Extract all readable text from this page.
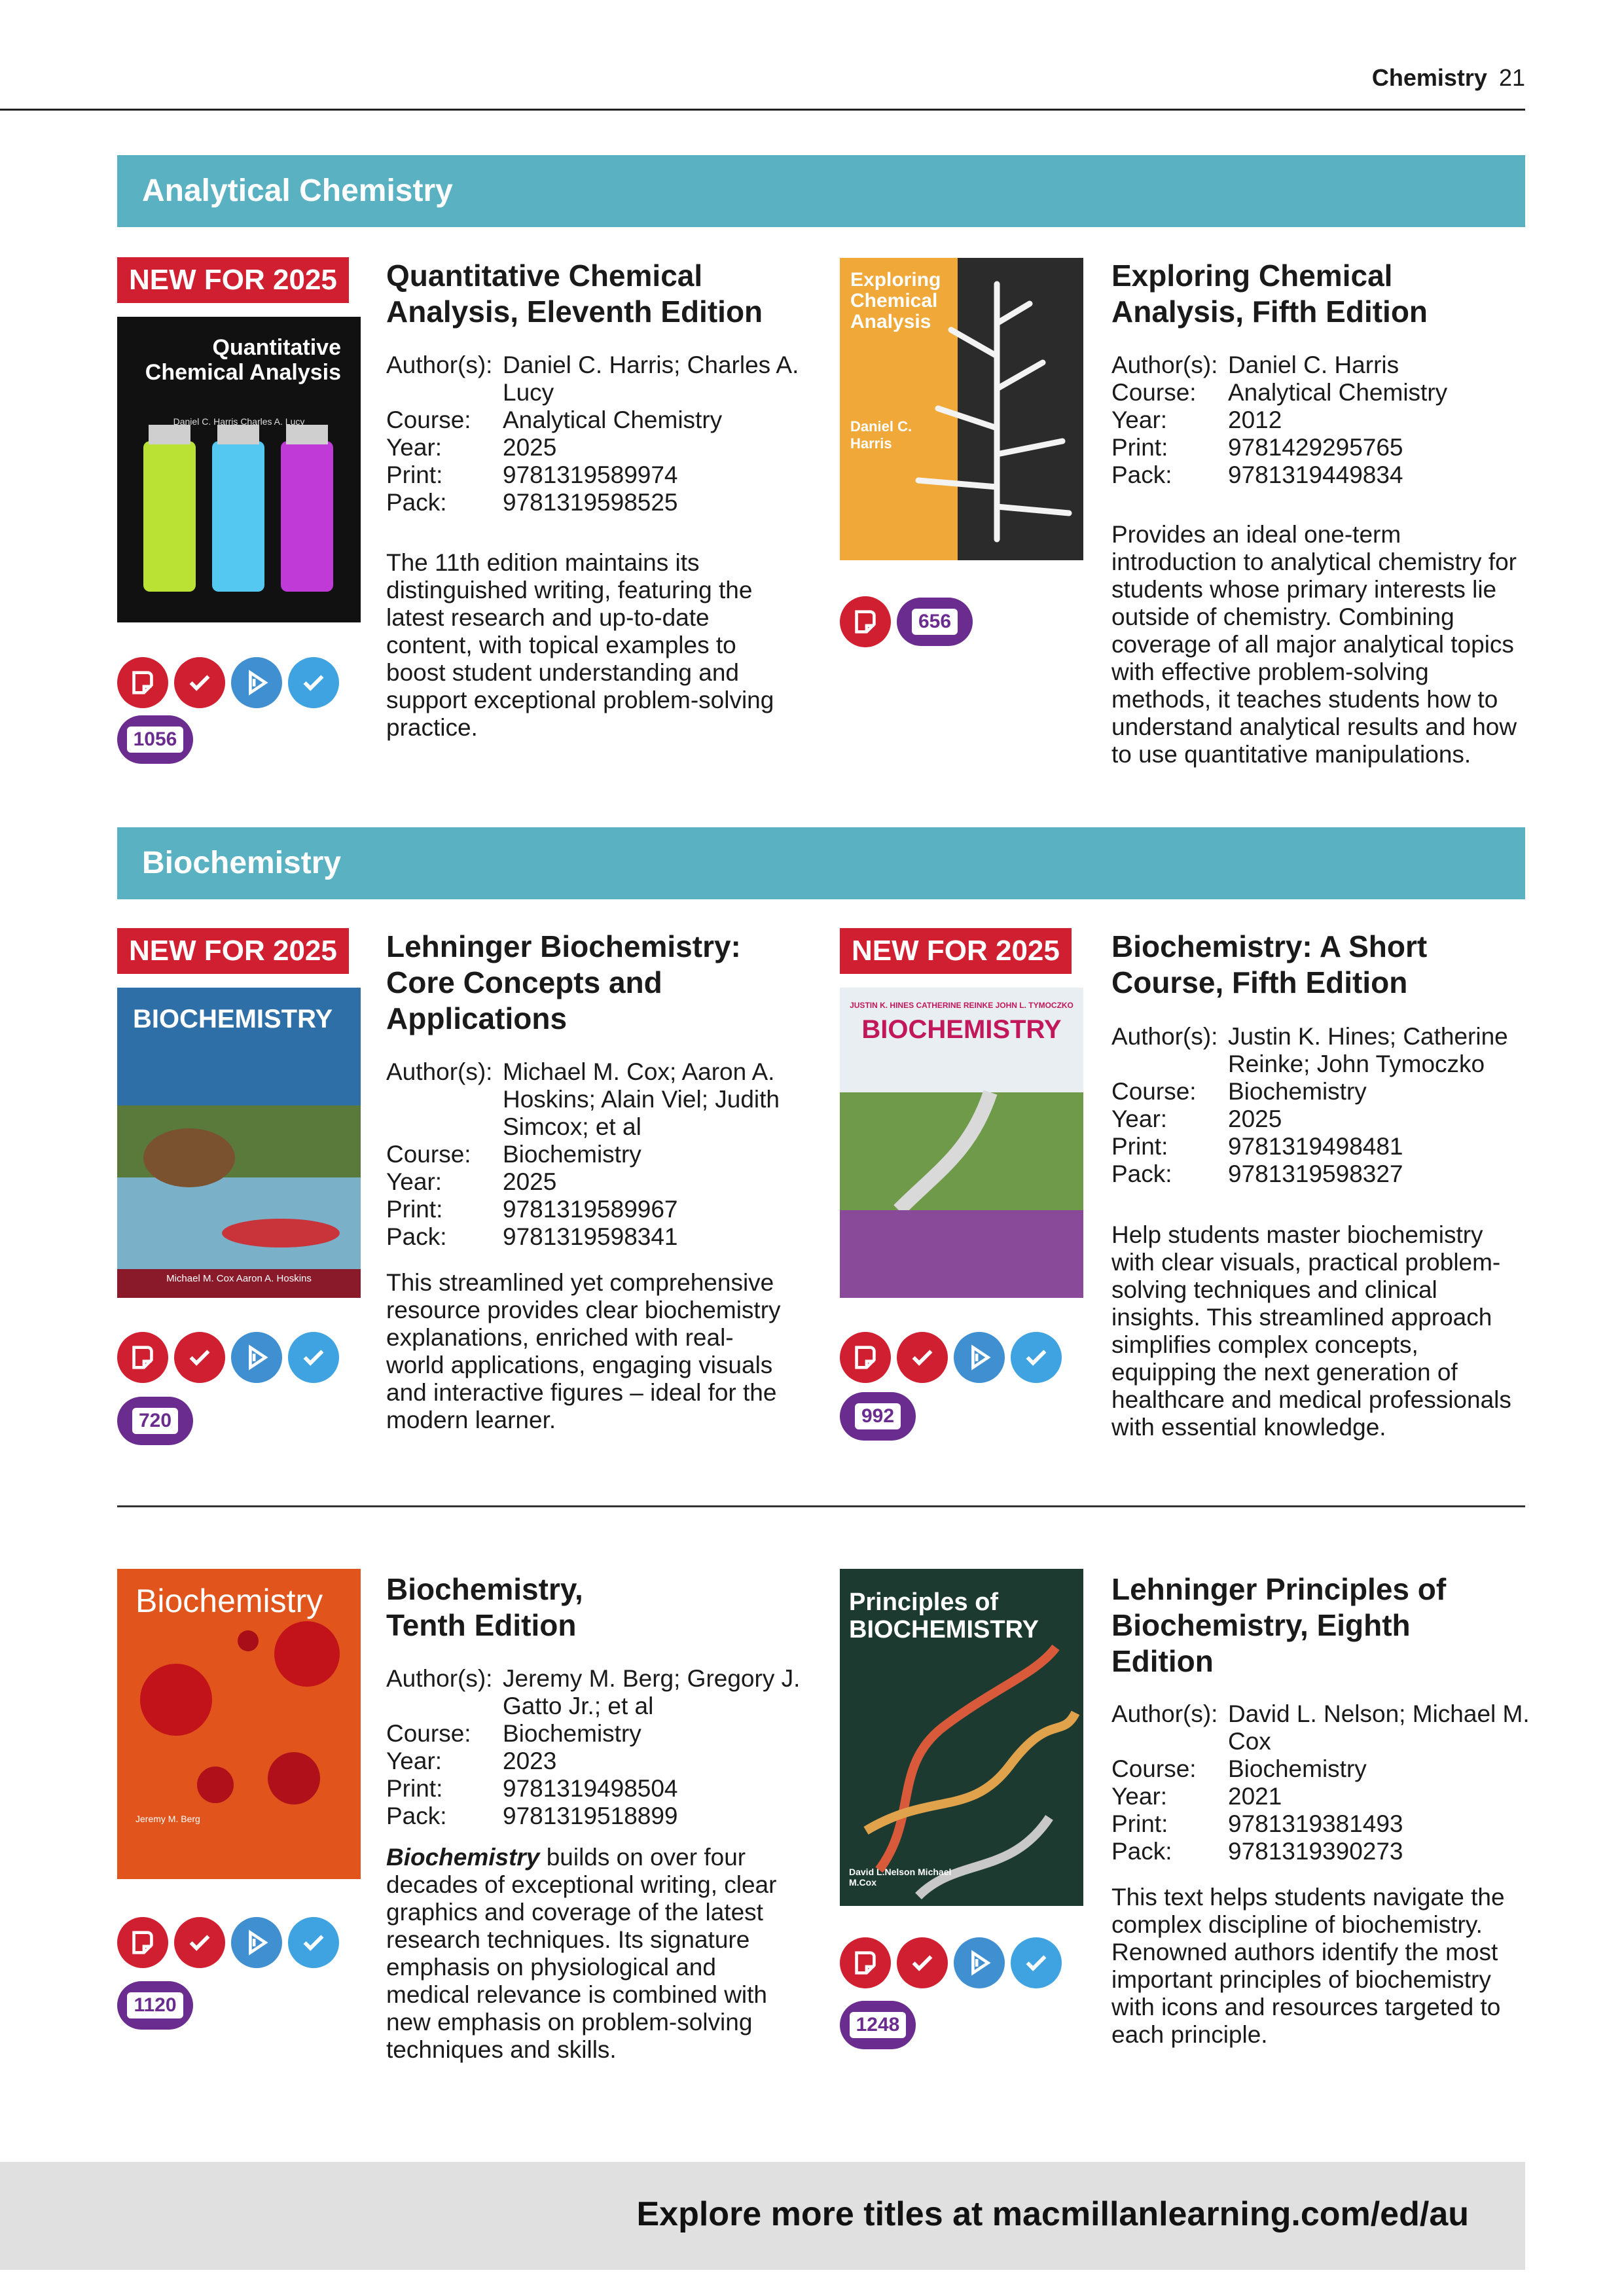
Chemistry 21
Analytical Chemistry
NEW FOR 2025
Quantitative Chemical Analysis
Daniel C. Harris Charles A. Lucy
1056
Quantitative Chemical Analysis, Eleventh Edition
Author(s): Daniel C. Harris; Charles A. Lucy
Course:	Analytical Chemistry
Year:	2025
Print:	9781319589974
Pack:	9781319598525
The 11th edition maintains its distinguished writing, featuring the latest research and up-to-date content, with topical examples to boost student understanding and support exceptional problem-solving practice.
Exploring Chemical Analysis
Daniel C. Harris
656
Exploring Chemical Analysis, Fifth Edition
Author(s): Daniel C. Harris
Course:	Analytical Chemistry
Year:	2012
Print:	9781429295765
Pack:	9781319449834
Provides an ideal one-term introduction to analytical chemistry for students whose primary interests lie outside of chemistry. Combining coverage of all major analytical topics with effective problem-solving methods, it teaches students how to understand analytical results and how to use quantitative manipulations.
Biochemistry
NEW FOR 2025
BIOCHEMISTRY
Michael M. Cox Aaron A. Hoskins
720
Lehninger Biochemistry: Core Concepts and Applications
Author(s): Michael M. Cox; Aaron A. Hoskins; Alain Viel; Judith Simcox; et al
Course:	Biochemistry
Year:	2025
Print:	9781319589967
Pack:	9781319598341
This streamlined yet comprehensive resource provides clear biochemistry explanations, enriched with real-world applications, engaging visuals and interactive figures – ideal for the modern learner.
NEW FOR 2025
JUSTIN K. HINES CATHERINE REINKE JOHN L. TYMOCZKO
BIOCHEMISTRY
992
Biochemistry: A Short Course, Fifth Edition
Author(s): Justin K. Hines; Catherine Reinke; John Tymoczko
Course:	Biochemistry
Year:	2025
Print:	9781319498481
Pack:	9781319598327
Help students master biochemistry with clear visuals, practical problem-solving techniques and clinical insights. This streamlined approach simplifies complex concepts, equipping the next generation of healthcare and medical professionals with essential knowledge.
Biochemistry
Jeremy M. Berg
1120
Biochemistry, Tenth Edition
Author(s): Jeremy M. Berg; Gregory J. Gatto Jr.; et al
Course:	Biochemistry
Year:	2023
Print:	9781319498504
Pack:	9781319518899
Biochemistry builds on over four decades of exceptional writing, clear graphics and coverage of the latest research techniques. Its signature emphasis on physiological and medical relevance is combined with new emphasis on problem-solving techniques and skills.
Principles of BIOCHEMISTRY
David L.Nelson Michael M.Cox
1248
Lehninger Principles of Biochemistry, Eighth Edition
Author(s): David L. Nelson; Michael M. Cox
Course:	Biochemistry
Year:	2021
Print:	9781319381493
Pack:	9781319390273
This text helps students navigate the complex discipline of biochemistry. Renowned authors identify the most important principles of biochemistry with icons and resources targeted to each principle.
Explore more titles at macmillanlearning.com/ed/au
